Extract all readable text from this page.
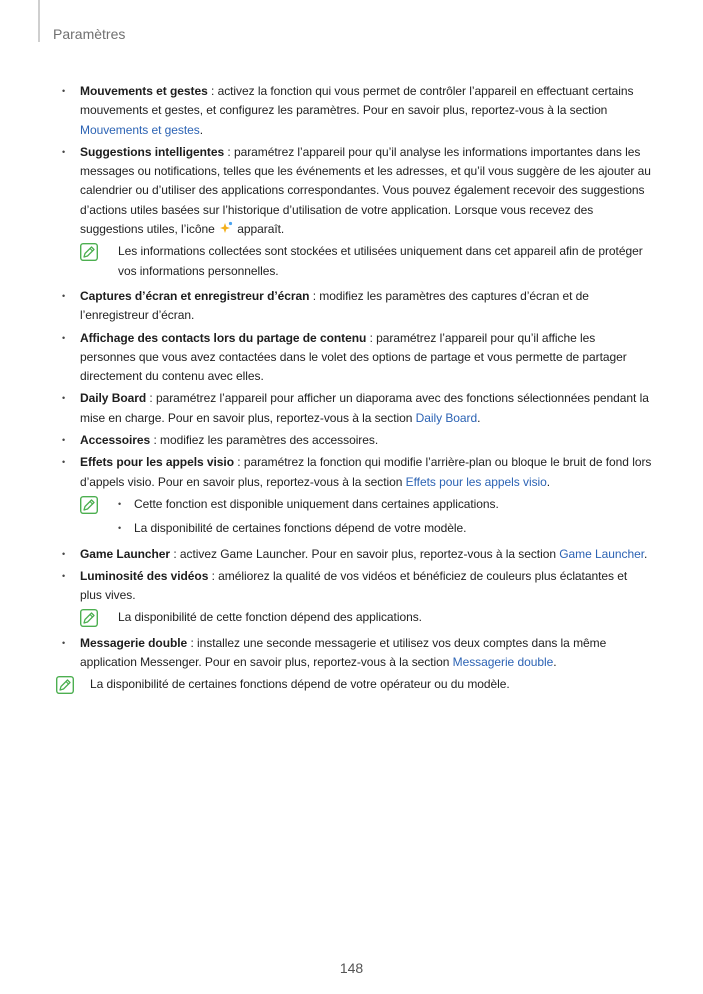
Paramètres
• Mouvements et gestes : activez la fonction qui vous permet de contrôler l’appareil en effectuant certains mouvements et gestes, et configurez les paramètres. Pour en savoir plus, reportez-vous à la section Mouvements et gestes.
• Suggestions intelligentes : paramétrez l’appareil pour qu’il analyse les informations importantes dans les messages ou notifications, telles que les événements et les adresses, et qu’il vous suggère de les ajouter au calendrier ou d’utiliser des applications correspondantes. Vous pouvez également recevoir des suggestions d’actions utiles basées sur l’historique d’utilisation de votre application. Lorsque vous recevez des suggestions utiles, l’icône  apparaît.
Les informations collectées sont stockées et utilisées uniquement dans cet appareil afin de protéger vos informations personnelles.
• Captures d’écran et enregistreur d’écran : modifiez les paramètres des captures d’écran et de l’enregistreur d’écran.
• Affichage des contacts lors du partage de contenu : paramétrez l’appareil pour qu’il affiche les personnes que vous avez contactées dans le volet des options de partage et vous permette de partager directement du contenu avec elles.
• Daily Board : paramétrez l’appareil pour afficher un diaporama avec des fonctions sélectionnées pendant la mise en charge. Pour en savoir plus, reportez-vous à la section Daily Board.
• Accessoires : modifiez les paramètres des accessoires.
• Effets pour les appels visio : paramétrez la fonction qui modifie l’arrière-plan ou bloque le bruit de fond lors d’appels visio. Pour en savoir plus, reportez-vous à la section Effets pour les appels visio.
• Cette fonction est disponible uniquement dans certaines applications.
• La disponibilité de certaines fonctions dépend de votre modèle.
• Game Launcher : activez Game Launcher. Pour en savoir plus, reportez-vous à la section Game Launcher.
• Luminosité des vidéos : améliorez la qualité de vos vidéos et bénéficiez de couleurs plus éclatantes et plus vives.
La disponibilité de cette fonction dépend des applications.
• Messagerie double : installez une seconde messagerie et utilisez vos deux comptes dans la même application Messenger. Pour en savoir plus, reportez-vous à la section Messagerie double.
La disponibilité de certaines fonctions dépend de votre opérateur ou du modèle.
148
